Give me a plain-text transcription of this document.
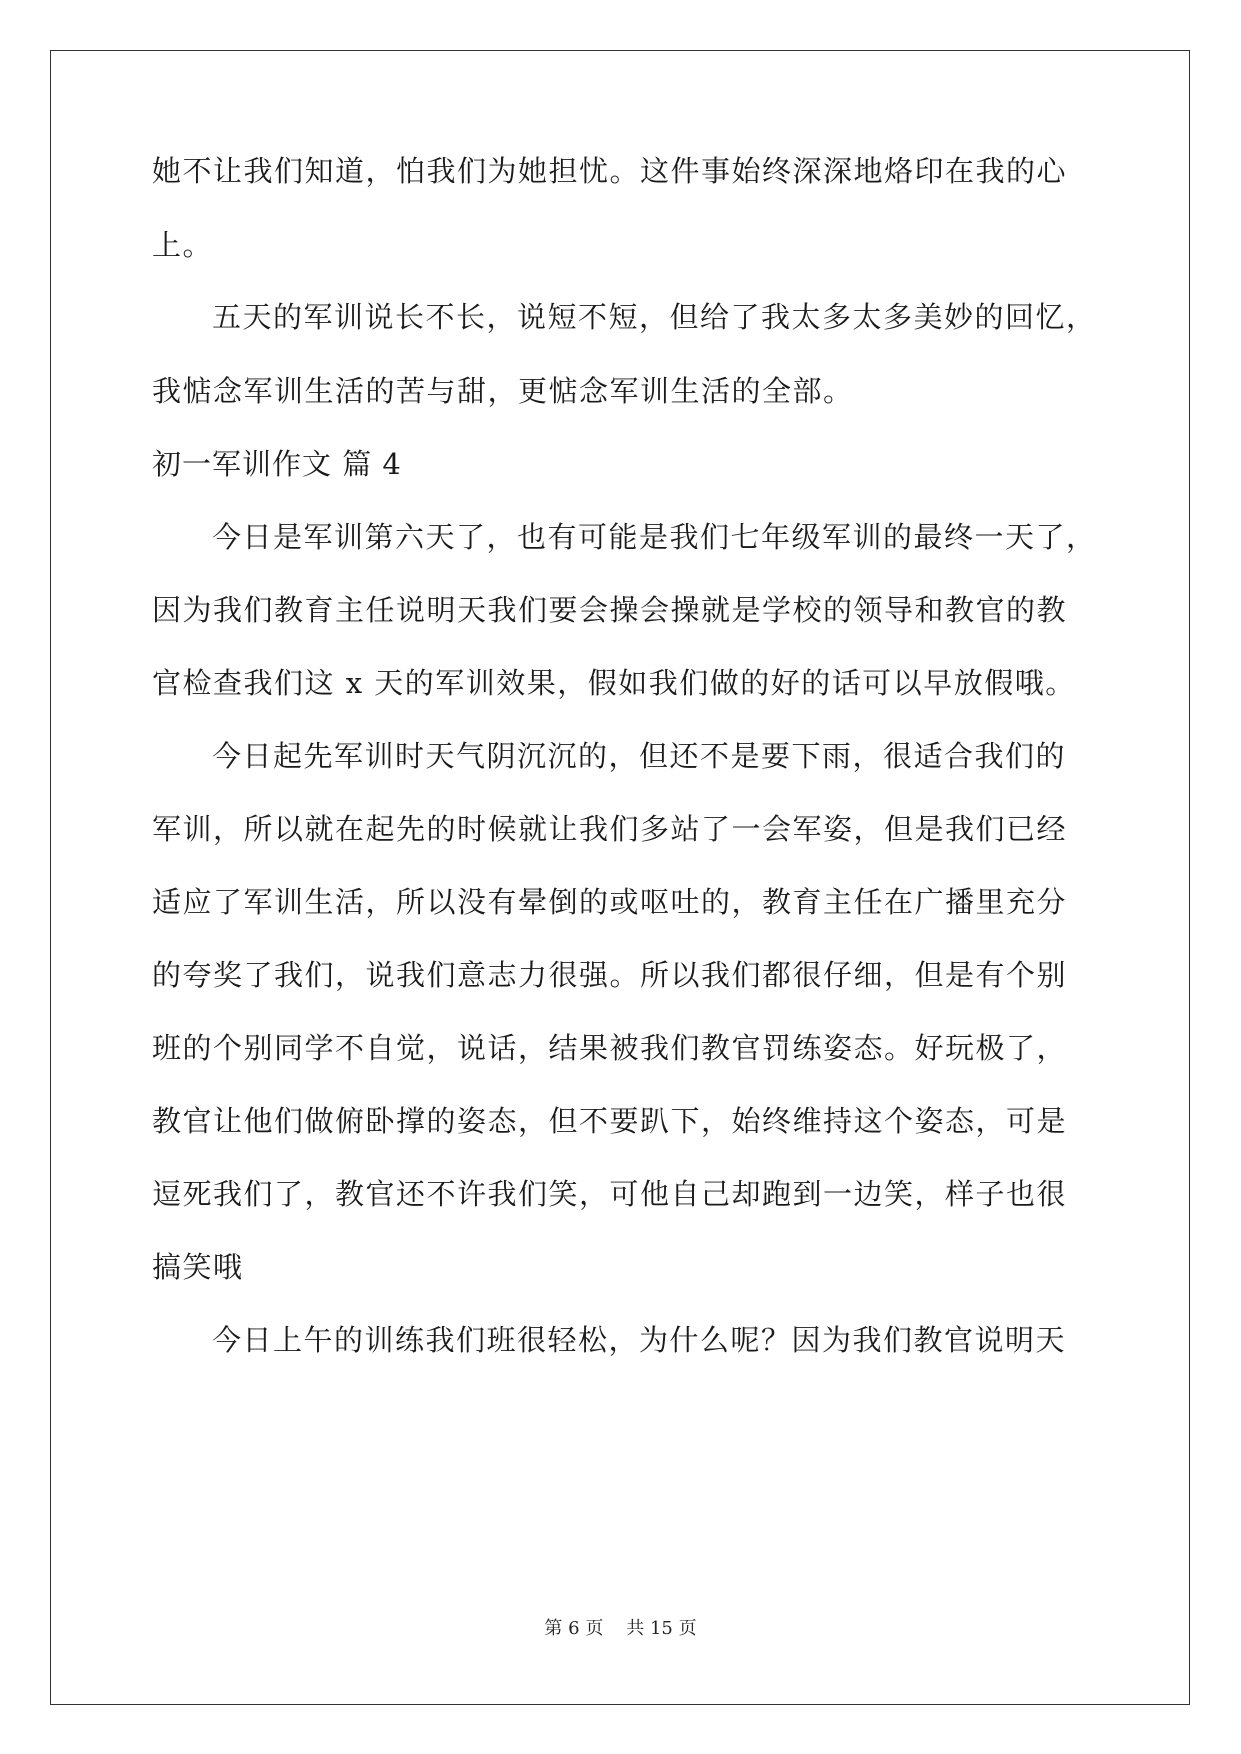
她不让我们知道，怕我们为她担忧。这件事始终深深地烙印在我的心
上。
五天的军训说长不长，说短不短，但给了我太多太多美妙的回忆，
我惦念军训生活的苦与甜，更惦念军训生活的全部。
初一军训作文 篇 4
今日是军训第六天了，也有可能是我们七年级军训的最终一天了，
因为我们教育主任说明天我们要会操会操就是学校的领导和教官的教
官检查我们这 x 天的军训效果，假如我们做的好的话可以早放假哦。
今日起先军训时天气阴沉沉的，但还不是要下雨，很适合我们的
军训，所以就在起先的时候就让我们多站了一会军姿，但是我们已经
适应了军训生活，所以没有晕倒的或呕吐的，教育主任在广播里充分
的夸奖了我们，说我们意志力很强。所以我们都很仔细，但是有个别
班的个别同学不自觉，说话，结果被我们教官罚练姿态。好玩极了，
教官让他们做俯卧撑的姿态，但不要趴下，始终维持这个姿态，可是
逗死我们了，教官还不许我们笑，可他自己却跑到一边笑，样子也很
搞笑哦
今日上午的训练我们班很轻松，为什么呢？因为我们教官说明天
第 6 页 共 15 页
